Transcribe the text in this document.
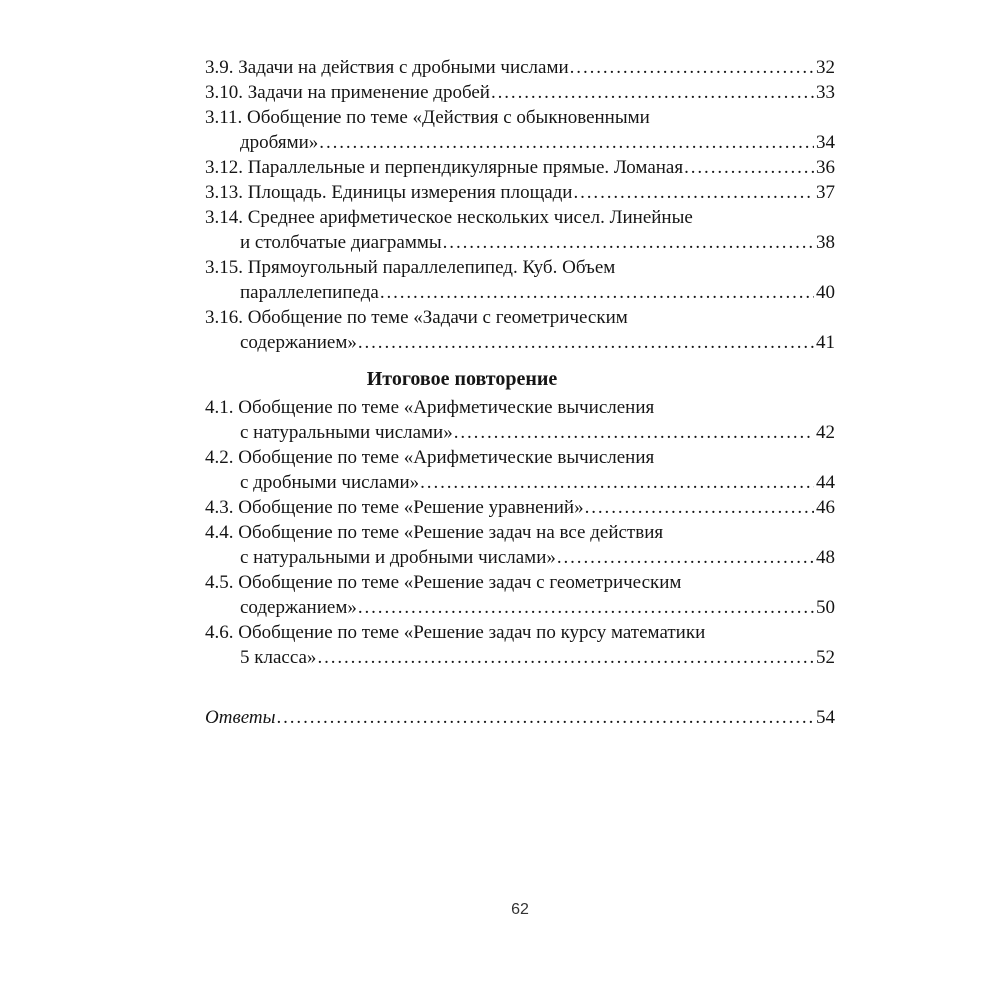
3.9. Задачи на действия с дробными числами .....	32
3.10. Задачи на применение дробей .....	33
3.11. Обобщение по теме «Действия с обыкновенными
дробями» .....	34
3.12. Параллельные и перпендикулярные прямые. Ломаная .....	36
3.13. Площадь. Единицы измерения площади .....	37
3.14. Среднее арифметическое нескольких чисел. Линейные
и столбчатые диаграммы .....	38
3.15. Прямоугольный параллелепипед. Куб. Объем
параллелепипеда .....	40
3.16. Обобщение по теме «Задачи с геометрическим
содержанием» .....	41
Итоговое повторение
4.1. Обобщение по теме «Арифметические вычисления
с натуральными числами» .....	42
4.2. Обобщение по теме «Арифметические вычисления
с дробными числами» .....	44
4.3. Обобщение по теме «Решение уравнений» .....	46
4.4. Обобщение по теме «Решение задач на все действия
с натуральными и дробными числами» .....	48
4.5. Обобщение по теме «Решение задач с геометрическим
содержанием» .....	50
4.6. Обобщение по теме «Решение задач по курсу математики
5 класса» .....	52
Ответы .....	54
62
